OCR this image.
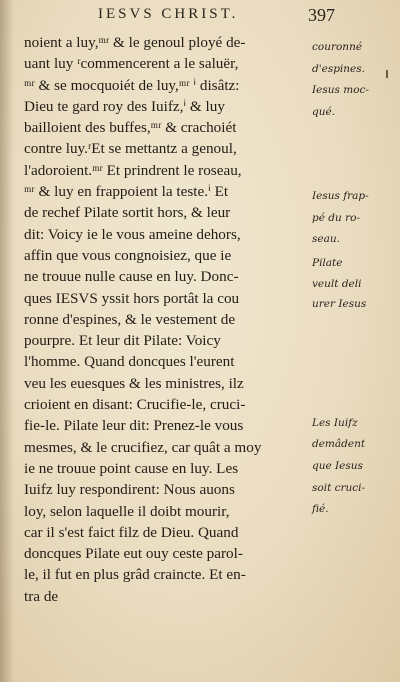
IESVS CHRIST.	397
noient a luy,ᵐʳ & le genoul ployé de-
uant luy ʳcommencerent a le saluër,
ᵐʳ & se mocquoiét de luy,ᵐʳ ⁱ disâtz:
Dieu te gard roy des Iuifz,ⁱ & luy
bailloient des buffes,ᵐʳ & crachoiét
contre luy.ʳEt se mettantz a genoul,
l'adoroient.ᵐʳ Et prindrent le roseau,
ᵐʳ & luy en frappoient la teste.ⁱ Et
de rechef Pilate sortit hors, & leur
dit: Voicy ie le vous ameine dehors,
affin que vous congnoisiez, que ie
ne trouue nulle cause en luy. Donc-
ques IESVS yssit hors portât la cou
ronne d'espines, & le vestement de
pourpre. Et leur dit Pilate: Voicy
l'homme. Quand doncques l'eurent
veu les euesques & les ministres, ilz
crioient en disant: Crucifie-le, cruci-
fie-le. Pilate leur dit: Prenez-le vous
mesmes, & le crucifiez, car quât a moy
ie ne trouue point cause en luy. Les
Iuifz luy respondirent: Nous auons
loy, selon laquelle il doibt mourir,
car il s'est faict filz de Dieu. Quand
doncques Pilate eut ouy ceste parol-
le, il fut en plus grâd craincte. Et en-
tra de
couronné
d'espines.
Iesus moc-
qué.
Iesus frap-
pé du ro-
seau.
Pilate
veult deli
urer Iesus
Les Iuifz
demâdent
que Iesus
soit cruci-
fié.
